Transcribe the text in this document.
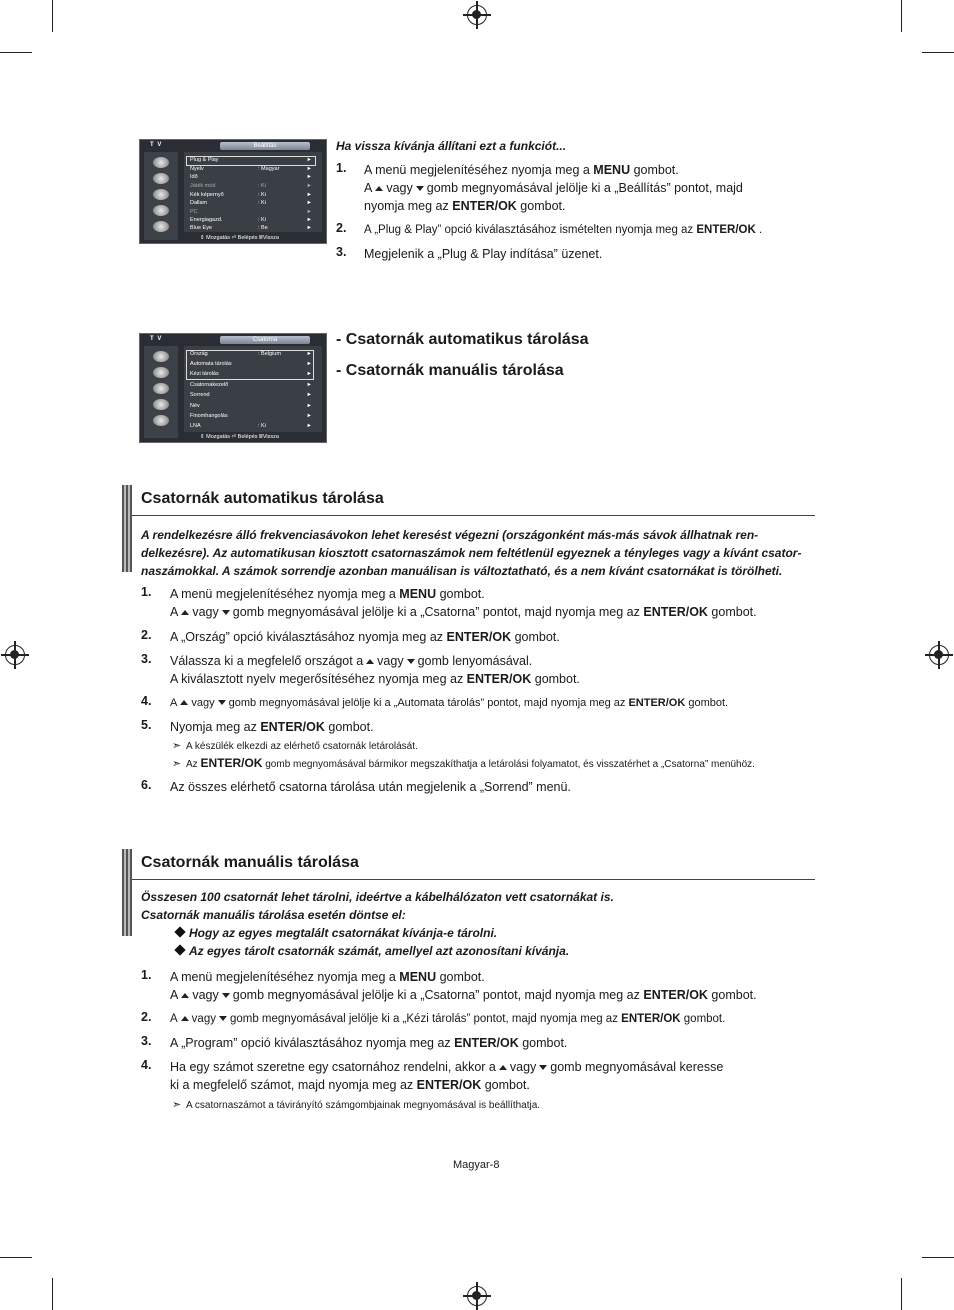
T V	Beállítás
Plug & Play	►
Nyelv	: Magyar	►
Idő	►
Játék mód	: Ki	►
Kék képernyő	: Ki	►
Dallam	: Ki	►
PC	►
Energiagazd.	: Ki	►
Blue Eye	: Be	►
⇕ Mozgatás ⏎ Belépés ⅢVissza
Ha vissza kívánja állítani ezt a funkciót...
1. A menü megjelenítéséhez nyomja meg a MENU gombot.
A vagy gomb megnyomásával jelölje ki a „Beállítás” pontot, majd
nyomja meg az ENTER/OK gombot.
2. A „Plug & Play” opció kiválasztásához ismételten nyomja meg az ENTER/OK .
3. Megjelenik a „Plug & Play indítása” üzenet.
T V	Csatorna
Ország	: Belgium	►
Automata tárolás	►
Kézi tárolás	►
Csatornakezelő	►
Sorrend	►
Név	►
Finomhangolás	►
LNA	: Ki	►
⇕ Mozgatás ⏎ Belépés ⅢVissza
- Csatornák automatikus tárolása
- Csatornák manuális tárolása
Csatornák automatikus tárolása
A rendelkezésre álló frekvenciasávokon lehet keresést végezni (országonként más-más sávok állhatnak ren-
delkezésre). Az automatikusan kiosztott csatornaszámok nem feltétlenül egyeznek a tényleges vagy a kívánt csator-
naszámokkal. A számok sorrendje azonban manuálisan is változtatható, és a nem kívánt csatornákat is törölheti.
1. A menü megjelenítéséhez nyomja meg a MENU gombot.
A vagy gomb megnyomásával jelölje ki a „Csatorna” pontot, majd nyomja meg az ENTER/OK gombot.
2. A „Ország” opció kiválasztásához nyomja meg az ENTER/OK gombot.
3. Válassza ki a megfelelő országot a vagy gomb lenyomásával.
A kiválasztott nyelv megerősítéséhez nyomja meg az ENTER/OK gombot.
4. A vagy gomb megnyomásával jelölje ki a „Automata tárolás” pontot, majd nyomja meg az ENTER/OK gombot.
5. Nyomja meg az ENTER/OK gombot.
➣ A készülék elkezdi az elérhető csatornák letárolását.
➣ Az ENTER/OK gomb megnyomásával bármikor megszakíthatja a letárolási folyamatot, és visszatérhet a „Csatorna” menühöz.
6. Az összes elérhető csatorna tárolása után megjelenik a „Sorrend” menü.
Csatornák manuális tárolása
Összesen 100 csatornát lehet tárolni, ideértve a kábelhálózaton vett csatornákat is.
Csatornák manuális tárolása esetén döntse el:
Hogy az egyes megtalált csatornákat kívánja-e tárolni.
Az egyes tárolt csatornák számát, amellyel azt azonosítani kívánja.
1. A menü megjelenítéséhez nyomja meg a MENU gombot.
A vagy gomb megnyomásával jelölje ki a „Csatorna” pontot, majd nyomja meg az ENTER/OK gombot.
2. A vagy gomb megnyomásával jelölje ki a „Kézi tárolás” pontot, majd nyomja meg az ENTER/OK gombot.
3. A „Program” opció kiválasztásához nyomja meg az ENTER/OK gombot.
4. Ha egy számot szeretne egy csatornához rendelni, akkor a vagy gomb megnyomásával keresse
ki a megfelelő számot, majd nyomja meg az ENTER/OK gombot.
➣ A csatornaszámot a távirányító számgombjainak megnyomásával is beállíthatja.
Magyar-8
